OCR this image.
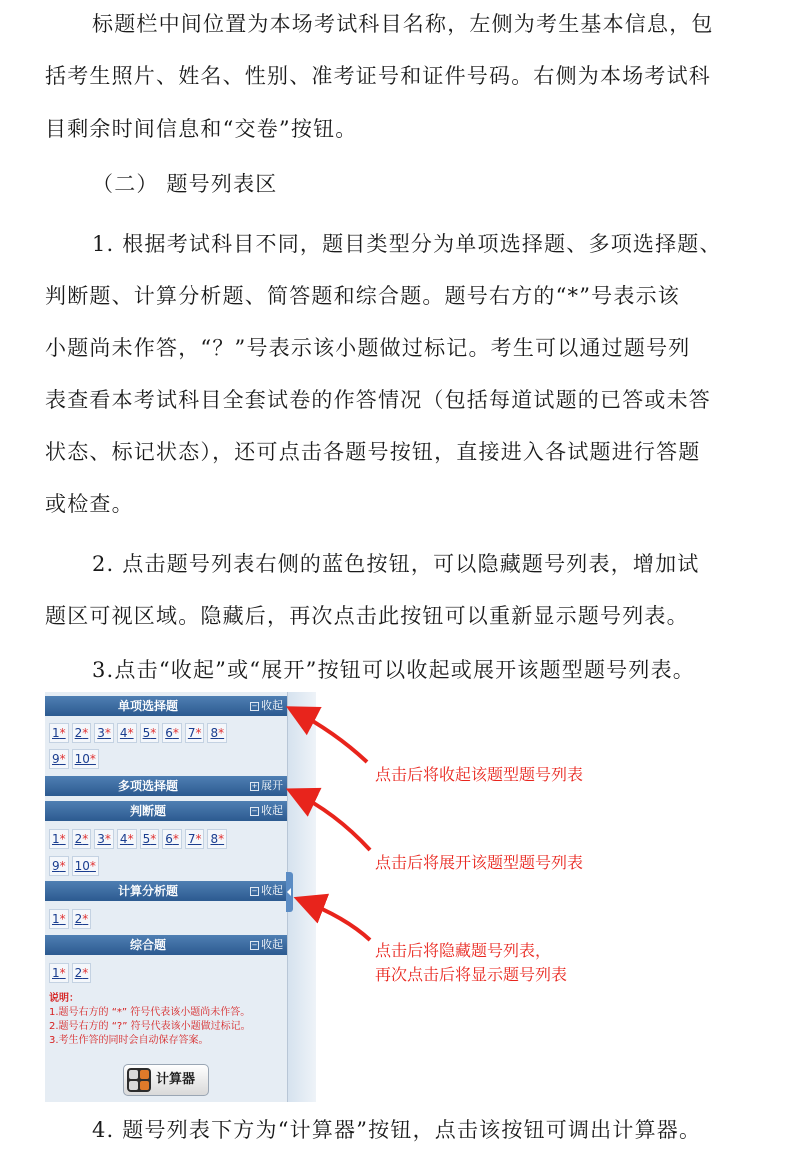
标题栏中间位置为本场考试科目名称，左侧为考生基本信息，包
括考生照片、姓名、性别、准考证号和证件号码。右侧为本场考试科
目剩余时间信息和“交卷”按钮。
（二） 题号列表区
1. 根据考试科目不同，题目类型分为单项选择题、多项选择题、
判断题、计算分析题、简答题和综合题。题号右方的“*”号表示该
小题尚未作答，“？”号表示该小题做过标记。考生可以通过题号列
表查看本考试科目全套试卷的作答情况（包括每道试题的已答或未答
状态、标记状态），还可点击各题号按钮，直接进入各试题进行答题
或检查。
2. 点击题号列表右侧的蓝色按钮，可以隐藏题号列表，增加试
题区可视区域。隐藏后，再次点击此按钮可以重新显示题号列表。
3.点击“收起”或“展开”按钮可以收起或展开该题型题号列表。
4. 题号列表下方为“计算器”按钮，点击该按钮可调出计算器。
单项选择题	− 收起
1* 2* 3* 4* 5* 6* 7* 8*
9* 10*
多项选择题	+ 展开
判断题	− 收起
1* 2* 3* 4* 5* 6* 7* 8*
9* 10*
计算分析题	− 收起
1* 2*
综合题	− 收起
1* 2*
说明：
1.题号右方的 “*” 符号代表该小题尚未作答。
2.题号右方的 “?” 符号代表该小题做过标记。
3.考生作答的同时会自动保存答案。
计算器
点击后将收起该题型题号列表
点击后将展开该题型题号列表
点击后将隐藏题号列表，
再次点击后将显示题号列表
